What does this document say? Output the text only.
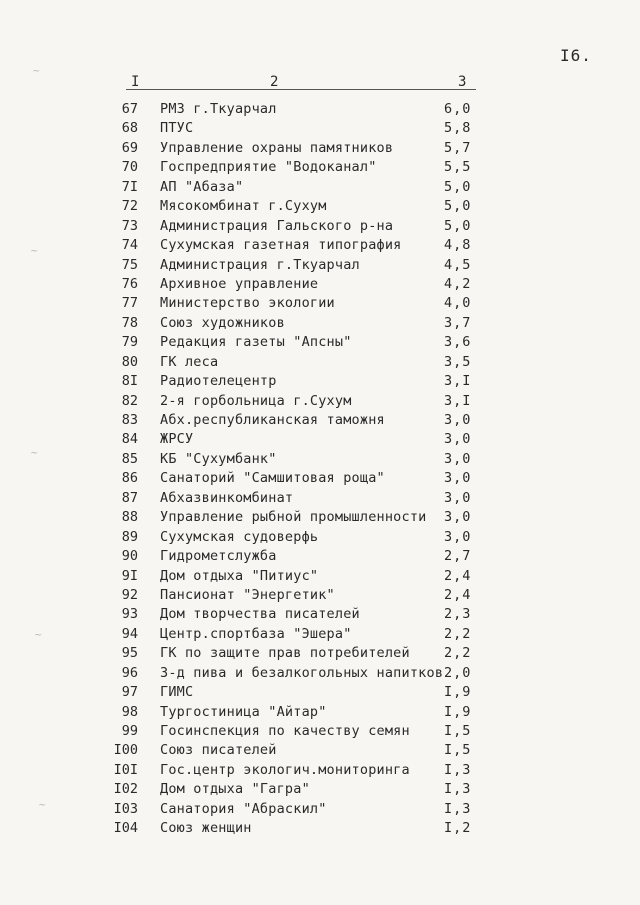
I6.
I	2	3
67 РМЗ г.Ткуарчал	6,0
68 ПТУС	5,8
69 Управление охраны памятников	5,7
70 Госпредприятие "Водоканал"	5,5
7I АП "Абаза"	5,0
72 Мясокомбинат г.Сухум	5,0
73 Администрация Гальского р-на	5,0
74 Сухумская газетная типография	4,8
75 Администрация г.Ткуарчал	4,5
76 Архивное управление	4,2
77 Министерство экологии	4,0
78 Союз художников	3,7
79 Редакция газеты "Апсны"	3,6
80 ГК леса	3,5
8I Радиотелецентр	3,I
82 2-я горбольница г.Сухум	3,I
83 Абх.республиканская таможня	3,0
84 ЖРСУ	3,0
85 КБ "Сухумбанк"	3,0
86 Санаторий "Самшитовая роща"	3,0
87 Абхазвинкомбинат	3,0
88 Управление рыбной промышленности 3,0
89 Сухумская судоверфь	3,0
90 Гидрометслужба	2,7
9I Дом отдыха "Питиус"	2,4
92 Пансионат "Энергетик"	2,4
93 Дом творчества писателей	2,3
94 Центр.спортбаза "Эшера"	2,2
95 ГК по защите прав потребителей	2,2
96 З-д пива и безалкогольных напитков 2,0
97 ГИМС	I,9
98 Тургостиница "Айтар"	I,9
99 Госинспекция по качеству семян	I,5
I00 Союз писателей	I,5
I0I Гос.центр экологич.мониторинга	I,3
I02 Дом отдыха "Гагра"	I,3
I03 Санатория "Абраскил"	I,3
I04 Союз женщин	I,2
~
~
~
~
~
